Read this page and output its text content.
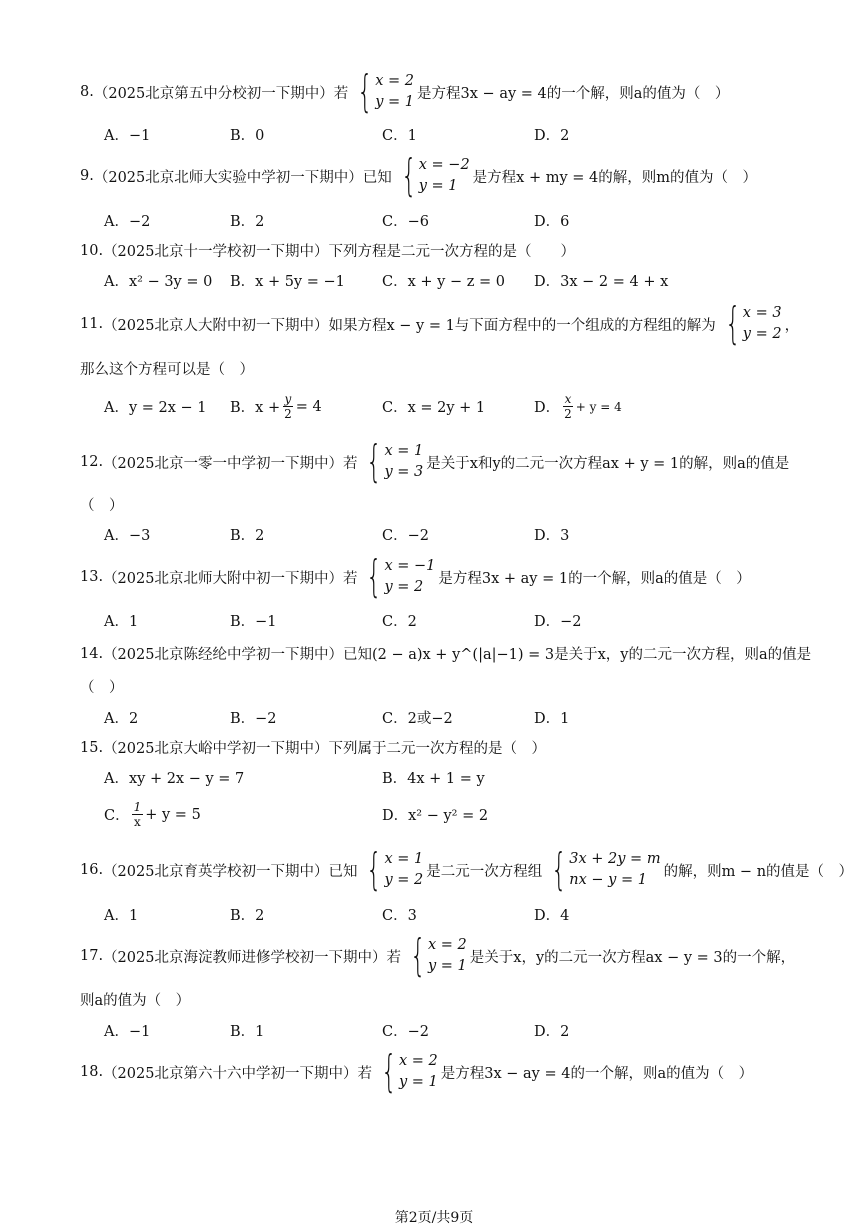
8. （2025北京第五中分校初一下期中） 若 { x = 2
y = 1
是方程3x − ay = 4的一个解，则a的值为（　）
A．−1	B．0	C．1	D．2
9. （2025北京北师大实验中学初一下期中） 已知 { x = −2
y = 1
是方程x + my = 4的解，则m的值为（　）
A．−2	B．2	C．−6	D．6
10. （2025北京十一学校初一下期中） 下列方程是二元一次方程的是（　　）
A．x² − 3y = 0	B．x + 5y = −1	C．x + y − z = 0	D．3x − 2 = 4 + x
11. （2025北京人大附中初一下期中） 如果方程x − y = 1与下面方程中的一个组成的方程组的解为 { x = 3
y = 2
，
那么这个方程可以是（　）
A．y = 2x − 1	B．$x + \frac{y}{2} = 4$	C．x = 2y + 1	D． $\frac{x}{2} + y = 4$
12. （2025北京一零一中学初一下期中） 若 { x = 1
y = 3
是关于x和y的二元一次方程ax + y = 1的解，则a的值是
（　）
A．−3	B．2	C．−2	D．3
13. （2025北京北师大附中初一下期中） 若 { x = −1
y = 2
是方程3x + ay = 1的一个解，则a的值是（　）
A．1	B．−1	C．2	D．−2
14. （2025北京陈经纶中学初一下期中） 已知(2 − a)x + y^(|a|−1) = 3是关于x，y的二元一次方程，则a的值是
（　）
A．2	B．−2	C．2或−2	D．1
15. （2025北京大峪中学初一下期中） 下列属于二元一次方程的是（　）
A．xy + 2x − y = 7	B．4x + 1 = y
C． $\frac{1}{x} + y = 5$	D．x² − y² = 2
16. （2025北京育英学校初一下期中） 已知 { x = 1
y = 2
是二元一次方程组 { 3x + 2y = m
nx − y = 1
的解，则m − n的值是（　）
A．1	B．2	C．3	D．4
17. （2025北京海淀教师进修学校初一下期中） 若 { x = 2
y = 1
是关于x，y的二元一次方程ax − y = 3的一个解，
则a的值为（　）
A．−1	B．1	C．−2	D．2
18. （2025北京第六十六中学初一下期中） 若 { x = 2
y = 1
是方程3x − ay = 4的一个解，则a的值为（　）
第2页/共9页
